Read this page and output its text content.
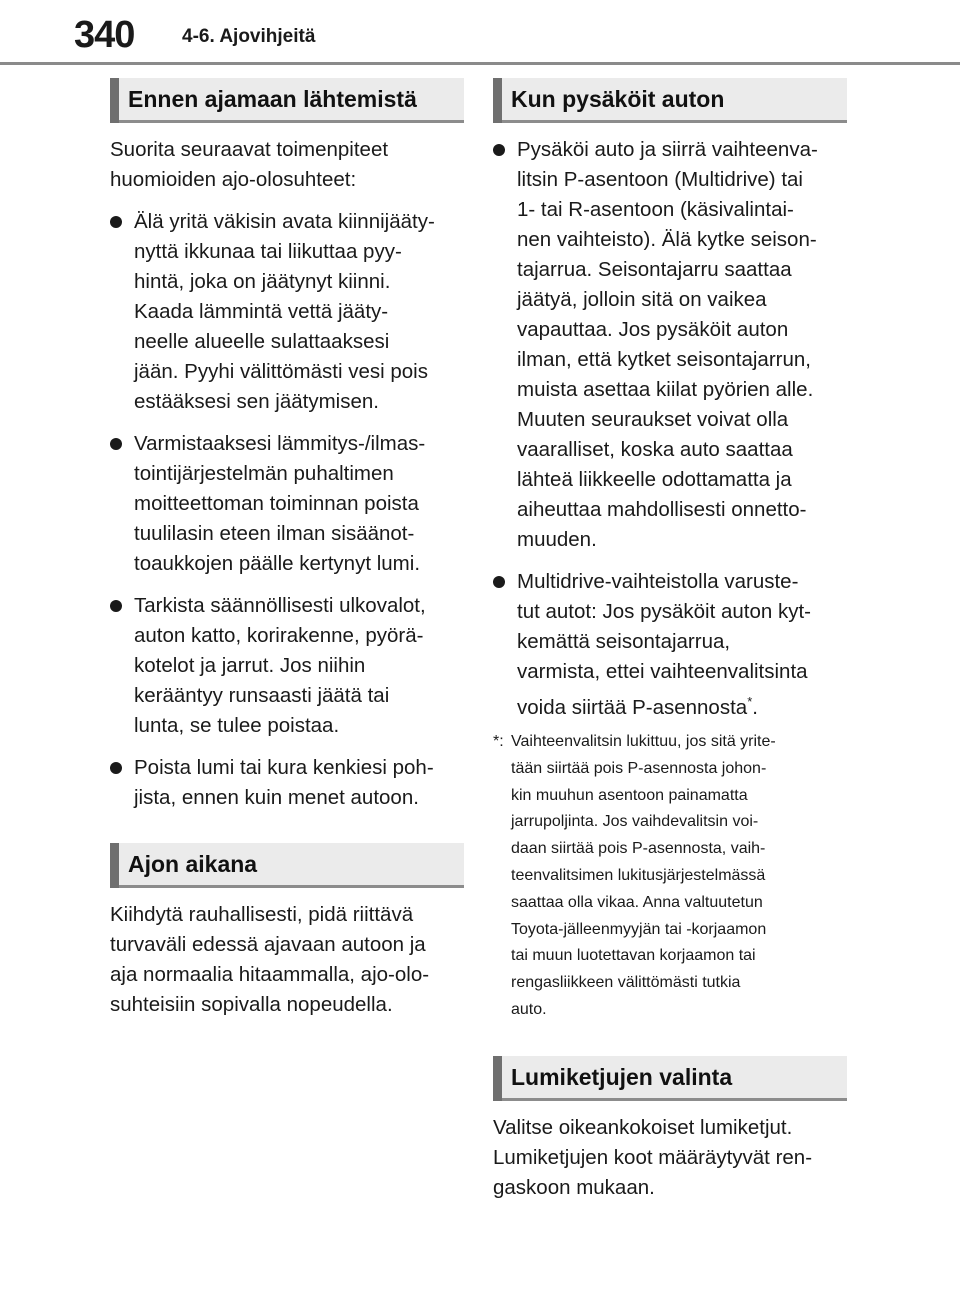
340	4-6. Ajovihjeitä
Ennen ajamaan lähtemistä

Suorita seuraavat toimenpiteet
huomioiden ajo-olosuhteet:

Älä yritä väkisin avata kiinnijääty-
nyttä ikkunaa tai liikuttaa pyy-
hintä, joka on jäätynyt kiinni.
Kaada lämmintä vettä jääty-
neelle alueelle sulattaaksesi
jään. Pyyhi välittömästi vesi pois
estääksesi sen jäätymisen.
Varmistaaksesi lämmitys-/ilmas-
tointijärjestelmän puhaltimen
moitteettoman toiminnan poista
tuulilasin eteen ilman sisäänot-
toaukkojen päälle kertynyt lumi.
Tarkista säännöllisesti ulkovalot,
auton katto, korirakenne, pyörä-
kotelot ja jarrut. Jos niihin
kerääntyy runsaasti jäätä tai
lunta, se tulee poistaa.
Poista lumi tai kura kenkiesi poh-
jista, ennen kuin menet autoon.
Ajon aikana

Kiihdytä rauhallisesti, pidä riittävä
turvaväli edessä ajavaan autoon ja
aja normaalia hitaammalla, ajo-olo-
suhteisiin sopivalla nopeudella.

Kun pysäköit auton
Pysäköi auto ja siirrä vaihteenva-
litsin P-asentoon (Multidrive) tai
1- tai R-asentoon (käsivalintai-
nen vaihteisto). Älä kytke seison-
tajarrua. Seisontajarru saattaa
jäätyä, jolloin sitä on vaikea
vapauttaa. Jos pysäköit auton
ilman, että kytket seisontajarrun,
muista asettaa kiilat pyörien alle.
Muuten seuraukset voivat olla
vaaralliset, koska auto saattaa
lähteä liikkeelle odottamatta ja
aiheuttaa mahdollisesti onnetto-
muuden.
Multidrive-vaihteistolla varuste-
tut autot: Jos pysäköit auton kyt-
kemättä seisontajarrua,
varmista, ettei vaihteenvalitsinta
voida siirtää P-asennosta*.
*: Vaihteenvalitsin lukittuu, jos sitä yrite-
tään siirtää pois P-asennosta johon-
kin muuhun asentoon painamatta
jarrupoljinta. Jos vaihdevalitsin voi-
daan siirtää pois P-asennosta, vaih-
teenvalitsimen lukitusjärjestelmässä
saattaa olla vikaa. Anna valtuutetun
Toyota-jälleenmyyjän tai -korjaamon
tai muun luotettavan korjaamon tai
rengasliikkeen välittömästi tutkia
auto.
Lumiketjujen valinta

Valitse oikeankokoiset lumiketjut.
Lumiketjujen koot määräytyvät ren-
gaskoon mukaan.
